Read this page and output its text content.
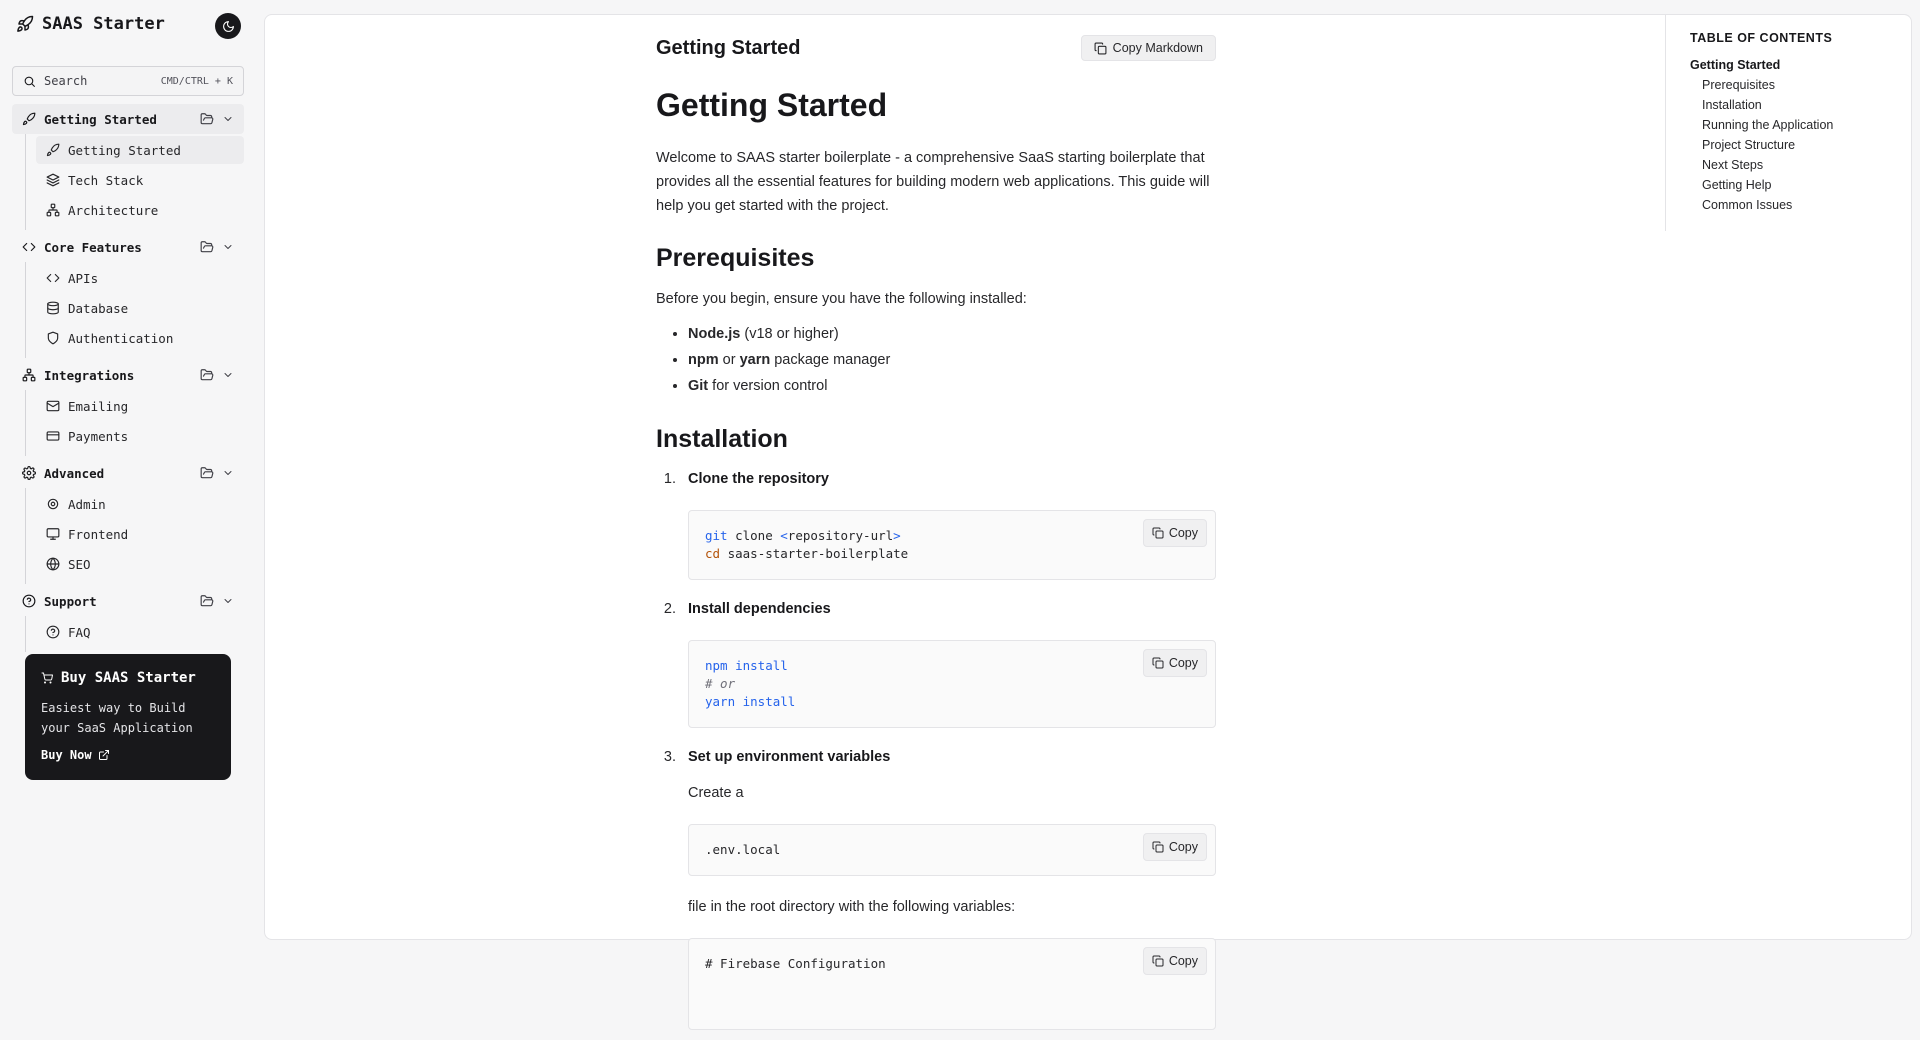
SAAS Starter
Search	CMD/CTRL + K
Getting Started
Getting Started
Tech Stack
Architecture
Core Features
APIs
Database
Authentication
Integrations
Emailing
Payments
Advanced
Admin
Frontend
SEO
Support
FAQ
Buy SAAS Starter
Easiest way to Build your SaaS Application
Buy Now
Getting Started	Copy Markdown
Getting Started

Welcome to SAAS starter boilerplate - a comprehensive SaaS starting boilerplate that provides all the essential features for building modern web applications. This guide will help you get started with the project.

Prerequisites

Before you begin, ensure you have the following installed:

• Node.js (v18 or higher)
• npm or yarn package manager
• Git for version control
Installation
1. Clone the repository
Copy
git clone <repository-url>
cd saas-starter-boilerplate
2. Install dependencies
Copy
npm install
# or
yarn install
3. Set up environment variables
Create a
Copy
.env.local
file in the root directory with the following variables:
Copy
# Firebase Configuration
TABLE OF CONTENTS
Getting Started
Prerequisites
Installation
Running the Application
Project Structure
Next Steps
Getting Help
Common Issues
